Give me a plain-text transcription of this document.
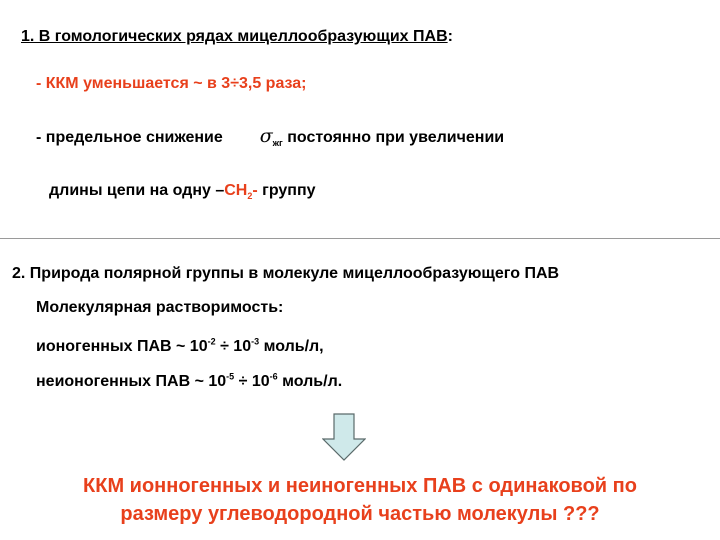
1. В гомологических рядах мицеллообразующих ПАВ:
- ККМ уменьшается ~ в 3÷3,5 раза;
- предельное снижение $\sigma_{жг}$ постоянно при увеличении
длины цепи на одну $-CH_2-$ группу
2. Природа полярной группы в молекуле мицеллообразующего ПАВ
Молекулярная растворимость:
ионогенных ПАВ ~ $10^{-2} \div 10^{-3}$ моль/л,
неионогенных ПАВ ~ $10^{-5} \div 10^{-6}$ моль/л.
ККМ ионногенных и неиногенных ПАВ с одинаковой по
размеру углеводородной частью молекулы ???
